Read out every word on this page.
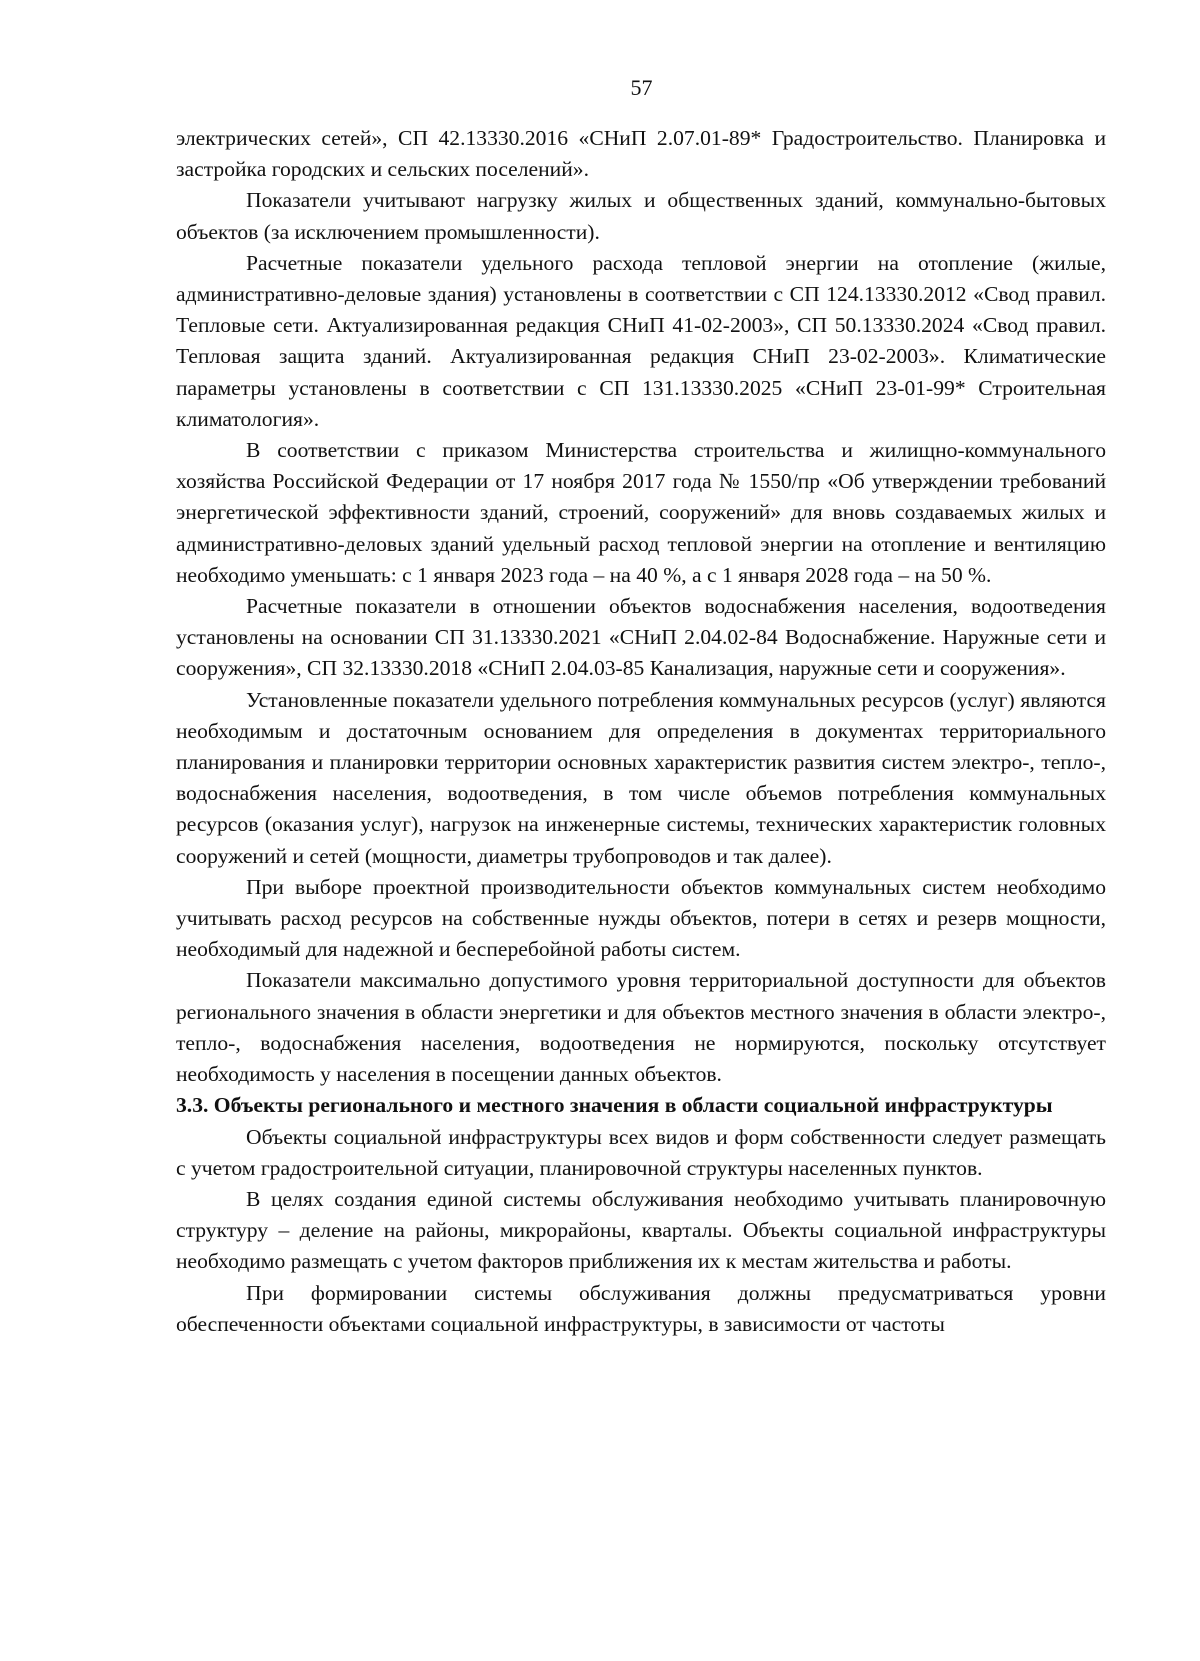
57

электрических сетей», СП 42.13330.2016 «СНиП 2.07.01-89* Градостроительство. Планировка и застройка городских и сельских поселений».

Показатели учитывают нагрузку жилых и общественных зданий, коммунально-бытовых объектов (за исключением промышленности).

Расчетные показатели удельного расхода тепловой энергии на отопление (жилые, административно-деловые здания) установлены в соответствии с СП 124.13330.2012 «Свод правил. Тепловые сети. Актуализированная редакция СНиП 41-02-2003», СП 50.13330.2024 «Свод правил. Тепловая защита зданий. Актуализированная редакция СНиП 23-02-2003». Климатические параметры установлены в соответствии с СП 131.13330.2025 «СНиП 23-01-99* Строительная климатология».

В соответствии с приказом Министерства строительства и жилищно-коммунального хозяйства Российской Федерации от 17 ноября 2017 года № 1550/пр «Об утверждении требований энергетической эффективности зданий, строений, сооружений» для вновь создаваемых жилых и административно-деловых зданий удельный расход тепловой энергии на отопление и вентиляцию необходимо уменьшать: с 1 января 2023 года – на 40 %, а с 1 января 2028 года – на 50 %.

Расчетные показатели в отношении объектов водоснабжения населения, водоотведения установлены на основании СП 31.13330.2021 «СНиП 2.04.02-84 Водоснабжение. Наружные сети и сооружения», СП 32.13330.2018 «СНиП 2.04.03-85 Канализация, наружные сети и сооружения».

Установленные показатели удельного потребления коммунальных ресурсов (услуг) являются необходимым и достаточным основанием для определения в документах территориального планирования и планировки территории основных характеристик развития систем электро-, тепло-, водоснабжения населения, водоотведения, в том числе объемов потребления коммунальных ресурсов (оказания услуг), нагрузок на инженерные системы, технических характеристик головных сооружений и сетей (мощности, диаметры трубопроводов и так далее).

При выборе проектной производительности объектов коммунальных систем необходимо учитывать расход ресурсов на собственные нужды объектов, потери в сетях и резерв мощности, необходимый для надежной и бесперебойной работы систем.

Показатели максимально допустимого уровня территориальной доступности для объектов регионального значения в области энергетики и для объектов местного значения в области электро-, тепло-, водоснабжения населения, водоотведения не нормируются, поскольку отсутствует необходимость у населения в посещении данных объектов.

3.3. Объекты регионального и местного значения в области социальной инфраструктуры

Объекты социальной инфраструктуры всех видов и форм собственности следует размещать с учетом градостроительной ситуации, планировочной структуры населенных пунктов.

В целях создания единой системы обслуживания необходимо учитывать планировочную структуру – деление на районы, микрорайоны, кварталы. Объекты социальной инфраструктуры необходимо размещать с учетом факторов приближения их к местам жительства и работы.

При формировании системы обслуживания должны предусматриваться уровни обеспеченности объектами социальной инфраструктуры, в зависимости от частоты
